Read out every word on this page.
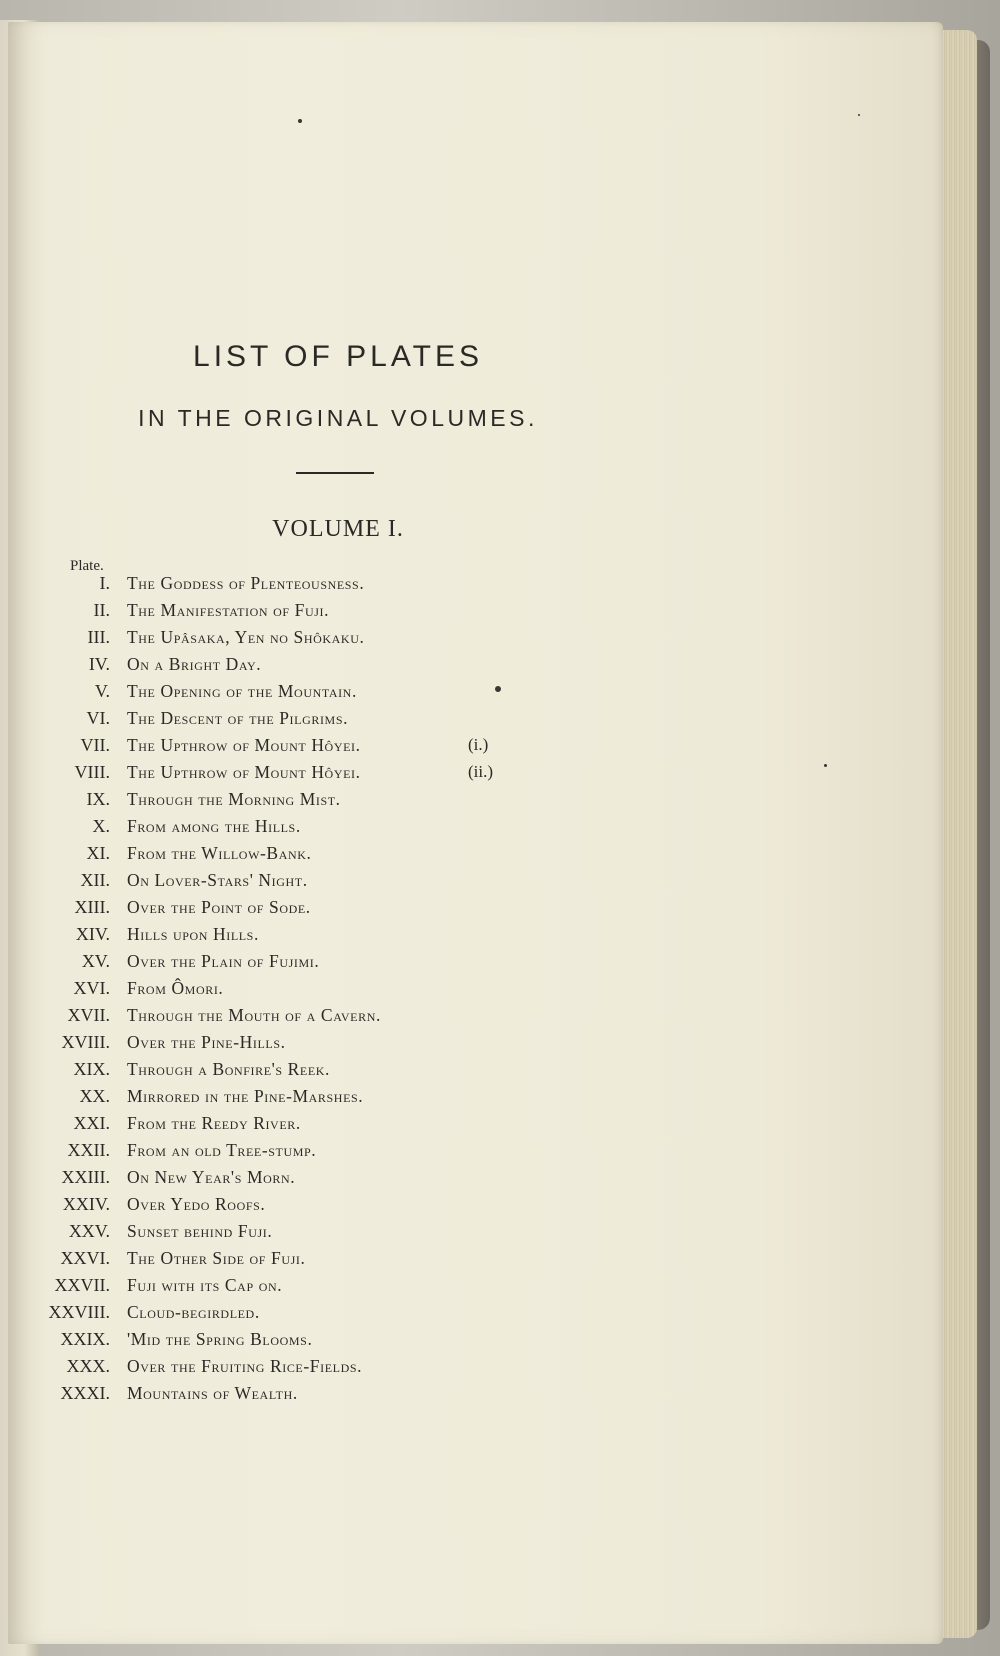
LIST OF PLATES
IN THE ORIGINAL VOLUMES.
VOLUME I.
Plate.
I. The Goddess of Plenteousness.
II. The Manifestation of Fuji.
III. The Upâsaka, Yen no Shôkaku.
IV. On a Bright Day.
V. The Opening of the Mountain.
VI. The Descent of the Pilgrims.
VII. The Upthrow of Mount Hôyei.	(i.)
VIII. The Upthrow of Mount Hôyei.	(ii.)
IX. Through the Morning Mist.
X. From among the Hills.
XI. From the Willow-Bank.
XII. On Lover-Stars' Night.
XIII. Over the Point of Sode.
XIV. Hills upon Hills.
XV. Over the Plain of Fujimi.
XVI. From Ômori.
XVII. Through the Mouth of a Cavern.
XVIII. Over the Pine-Hills.
XIX. Through a Bonfire's Reek.
XX. Mirrored in the Pine-Marshes.
XXI. From the Reedy River.
XXII. From an old Tree-stump.
XXIII. On New Year's Morn.
XXIV. Over Yedo Roofs.
XXV. Sunset behind Fuji.
XXVI. The Other Side of Fuji.
XXVII. Fuji with its Cap on.
XXVIII. Cloud-begirdled.
XXIX. 'Mid the Spring Blooms.
XXX. Over the Fruiting Rice-Fields.
XXXI. Mountains of Wealth.
